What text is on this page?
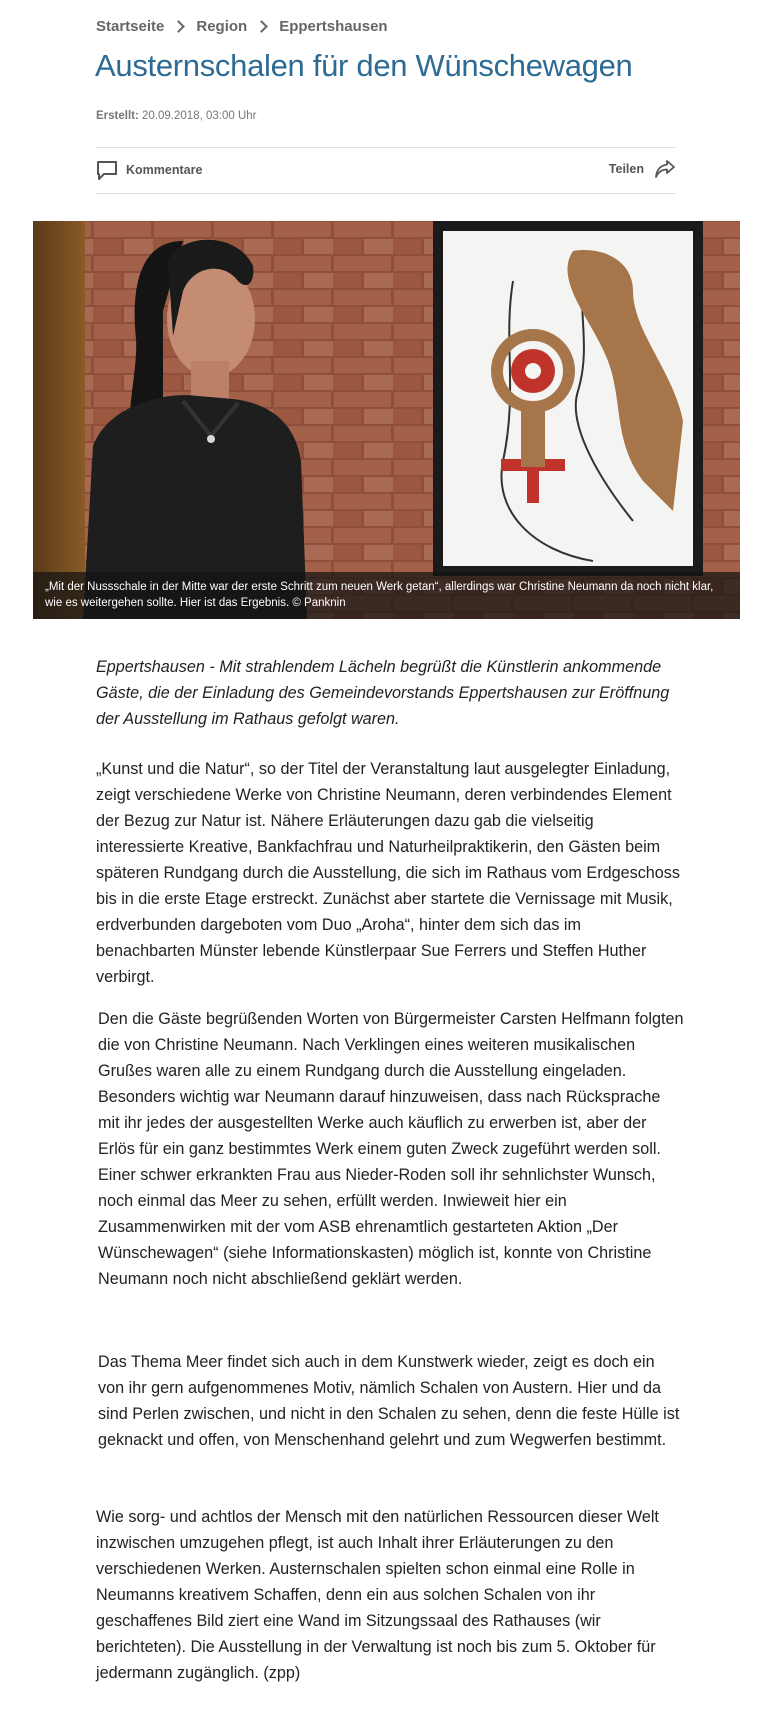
Startseite Region Eppertshausen
Austernschalen für den Wünschewagen
Erstellt: 20.09.2018, 03:00 Uhr
Kommentare	Teilen
„Mit der Nussschale in der Mitte war der erste Schritt zum neuen Werk getan“, allerdings war Christine Neumann da noch nicht klar, wie es weitergehen sollte. Hier ist das Ergebnis. © Panknin

Eppertshausen - Mit strahlendem Lächeln begrüßt die Künstlerin ankommende Gäste, die der Einladung des Gemeindevorstands Eppertshausen zur Eröffnung der Ausstellung im Rathaus gefolgt waren.

„Kunst und die Natur“, so der Titel der Veranstaltung laut ausgelegter Einladung, zeigt verschiedene Werke von Christine Neumann, deren verbindendes Element der Bezug zur Natur ist. Nähere Erläuterungen dazu gab die vielseitig interessierte Kreative, Bankfachfrau und Naturheilpraktikerin, den Gästen beim späteren Rundgang durch die Ausstellung, die sich im Rathaus vom Erdgeschoss bis in die erste Etage erstreckt. Zunächst aber startete die Vernissage mit Musik, erdverbunden dargeboten vom Duo „Aroha“, hinter dem sich das im benachbarten Münster lebende Künstlerpaar Sue Ferrers und Steffen Huther verbirgt.

Den die Gäste begrüßenden Worten von Bürgermeister Carsten Helfmann folgten die von Christine Neumann. Nach Verklingen eines weiteren musikalischen Grußes waren alle zu einem Rundgang durch die Ausstellung eingeladen. Besonders wichtig war Neumann darauf hinzuweisen, dass nach Rücksprache mit ihr jedes der ausgestellten Werke auch käuflich zu erwerben ist, aber der Erlös für ein ganz bestimmtes Werk einem guten Zweck zugeführt werden soll. Einer schwer erkrankten Frau aus Nieder-Roden soll ihr sehnlichster Wunsch, noch einmal das Meer zu sehen, erfüllt werden. Inwieweit hier ein Zusammenwirken mit der vom ASB ehrenamtlich gestarteten Aktion „Der Wünschewagen“ (siehe Informationskasten) möglich ist, konnte von Christine Neumann noch nicht abschließend geklärt werden.

Das Thema Meer findet sich auch in dem Kunstwerk wieder, zeigt es doch ein von ihr gern aufgenommenes Motiv, nämlich Schalen von Austern. Hier und da sind Perlen zwischen, und nicht in den Schalen zu sehen, denn die feste Hülle ist geknackt und offen, von Menschenhand gelehrt und zum Wegwerfen bestimmt.

Wie sorg- und achtlos der Mensch mit den natürlichen Ressourcen dieser Welt inzwischen umzugehen pflegt, ist auch Inhalt ihrer Erläuterungen zu den verschiedenen Werken. Austernschalen spielten schon einmal eine Rolle in Neumanns kreativem Schaffen, denn ein aus solchen Schalen von ihr geschaffenes Bild ziert eine Wand im Sitzungssaal des Rathauses (wir berichteten). Die Ausstellung in der Verwaltung ist noch bis zum 5. Oktober für jedermann zugänglich. (zpp)
